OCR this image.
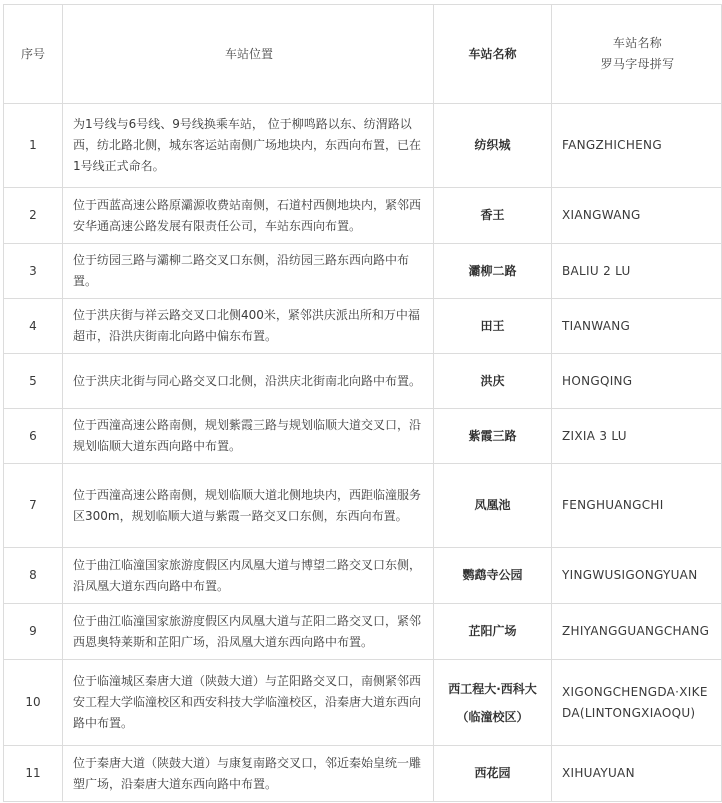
序号	车站位置	车站名称	车站名称
罗马字母拼写

1	为1号线与6号线、9号线换乘车站， 位于柳鸣路以东、纺渭路以西，纺北路北侧，城东客运站南侧广场地块内，东西向布置，已在1号线正式命名。	纺织城	FANGZHICHENG
2	位于西蓝高速公路原灞源收费站南侧，石道村西侧地块内，紧邻西安华通高速公路发展有限责任公司，车站东西向布置。	香王	XIANGWANG
3	位于纺园三路与灞柳二路交叉口东侧，沿纺园三路东西向路中布置。	灞柳二路	BALIU 2 LU
4	位于洪庆街与祥云路交叉口北侧400米，紧邻洪庆派出所和万中福超市，沿洪庆街南北向路中偏东布置。	田王	TIANWANG
5	位于洪庆北街与同心路交叉口北侧，沿洪庆北街南北向路中布置。	洪庆	HONGQING
6	位于西潼高速公路南侧，规划紫霞三路与规划临顺大道交叉口，沿规划临顺大道东西向路中布置。	紫霞三路	ZIXIA 3 LU
7	位于西潼高速公路南侧，规划临顺大道北侧地块内，西距临潼服务区300m，规划临顺大道与紫霞一路交叉口东侧，东西向布置。	凤凰池	FENGHUANGCHI
8	位于曲江临潼国家旅游度假区内凤凰大道与博望二路交叉口东侧，沿凤凰大道东西向路中布置。	鹦鹉寺公园	YINGWUSIGONGYUAN
9	位于曲江临潼国家旅游度假区内凤凰大道与芷阳二路交叉口，紧邻西恩奥特莱斯和芷阳广场，沿凤凰大道东西向路中布置。	芷阳广场	ZHIYANGGUANGCHANG
10	位于临潼城区秦唐大道（陕鼓大道）与芷阳路交叉口，南侧紧邻西安工程大学临潼校区和西安科技大学临潼校区，沿秦唐大道东西向路中布置。	西工程大·西科大（临潼校区）	XIGONGCHENGDA·XIKEDA(LINTONGXIAOQU)
11	位于秦唐大道（陕鼓大道）与康复南路交叉口，邻近秦始皇统一雕塑广场，沿秦唐大道东西向路中布置。	西花园	XIHUAYUAN
